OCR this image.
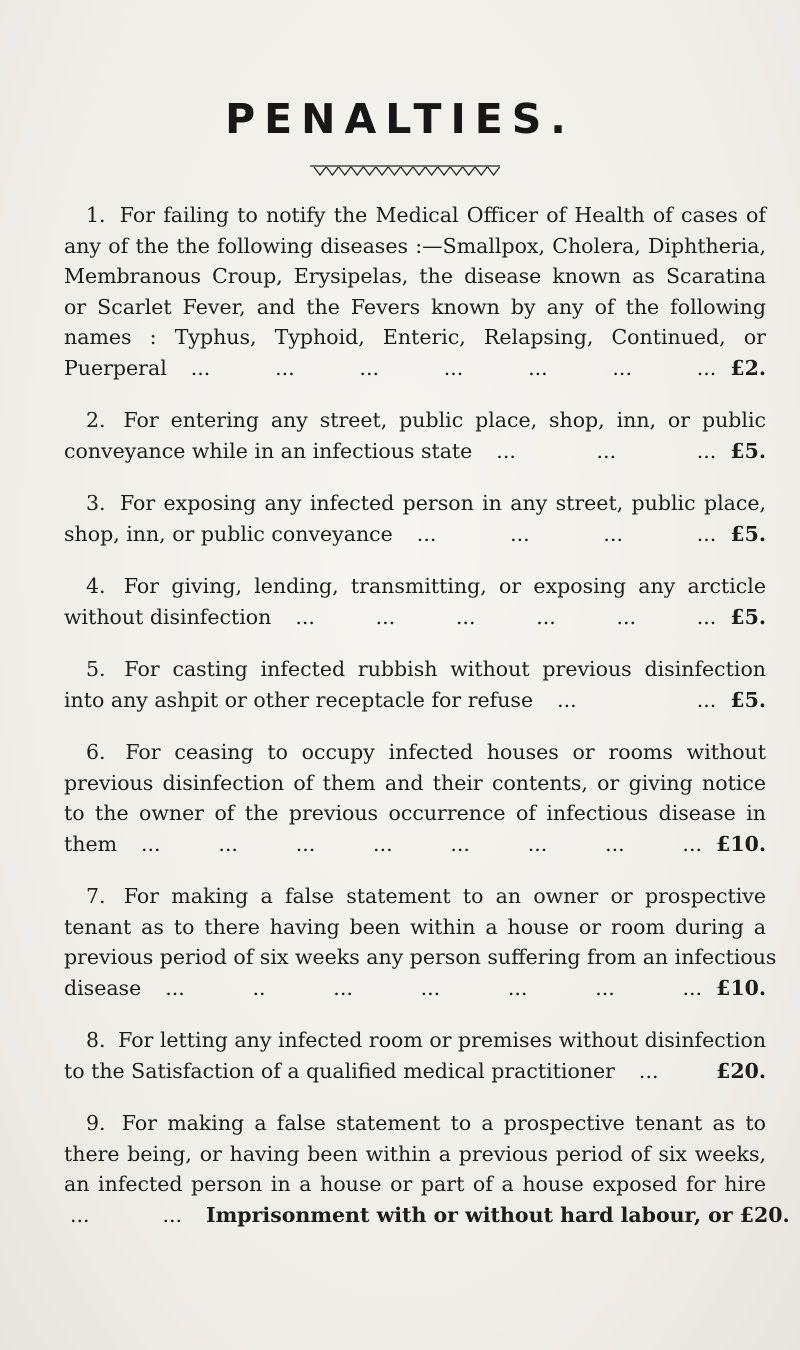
PENALTIES.

1. For failing to notify the Medical Officer of Health of cases of
any of the the following diseases :—Smallpox, Cholera, Diphtheria,
Membranous Croup, Erysipelas, the disease known as Scaratina
or Scarlet Fever, and the Fevers known by any of the following
names : Typhus, Typhoid, Enteric, Relapsing, Continued, or
Puerperal ...	...	...	...	...	...	... £2.

2. For entering any street, public place, shop, inn, or public
conveyance while in an infectious state ...	...	... £5.

3. For exposing any infected person in any street, public place,
shop, inn, or public conveyance ...	...	...	... £5.

4. For giving, lending, transmitting, or exposing any arcticle
without disinfection ...	...	...	...	...	... £5.

5. For casting infected rubbish without previous disinfection
into any ashpit or other receptacle for refuse ...	... £5.

6. For ceasing to occupy infected houses or rooms without
previous disinfection of them and their contents, or giving notice
to the owner of the previous occurrence of infectious disease in
them ...	...	...	...	...	...	...	... £10.

7. For making a false statement to an owner or prospective
tenant as to there having been within a house or room during a
previous period of six weeks any person suffering from an infectious
disease ...	..	...	...	...	...	... £10.

8. For letting any infected room or premises without disinfection
to the Satisfaction of a qualified medical practitioner ...	£20.

9. For making a false statement to a prospective tenant as to
there being, or having been within a previous period of six weeks,
an infected person in a house or part of a house exposed for hire
...	... Imprisonment with or without hard labour, or £20.
